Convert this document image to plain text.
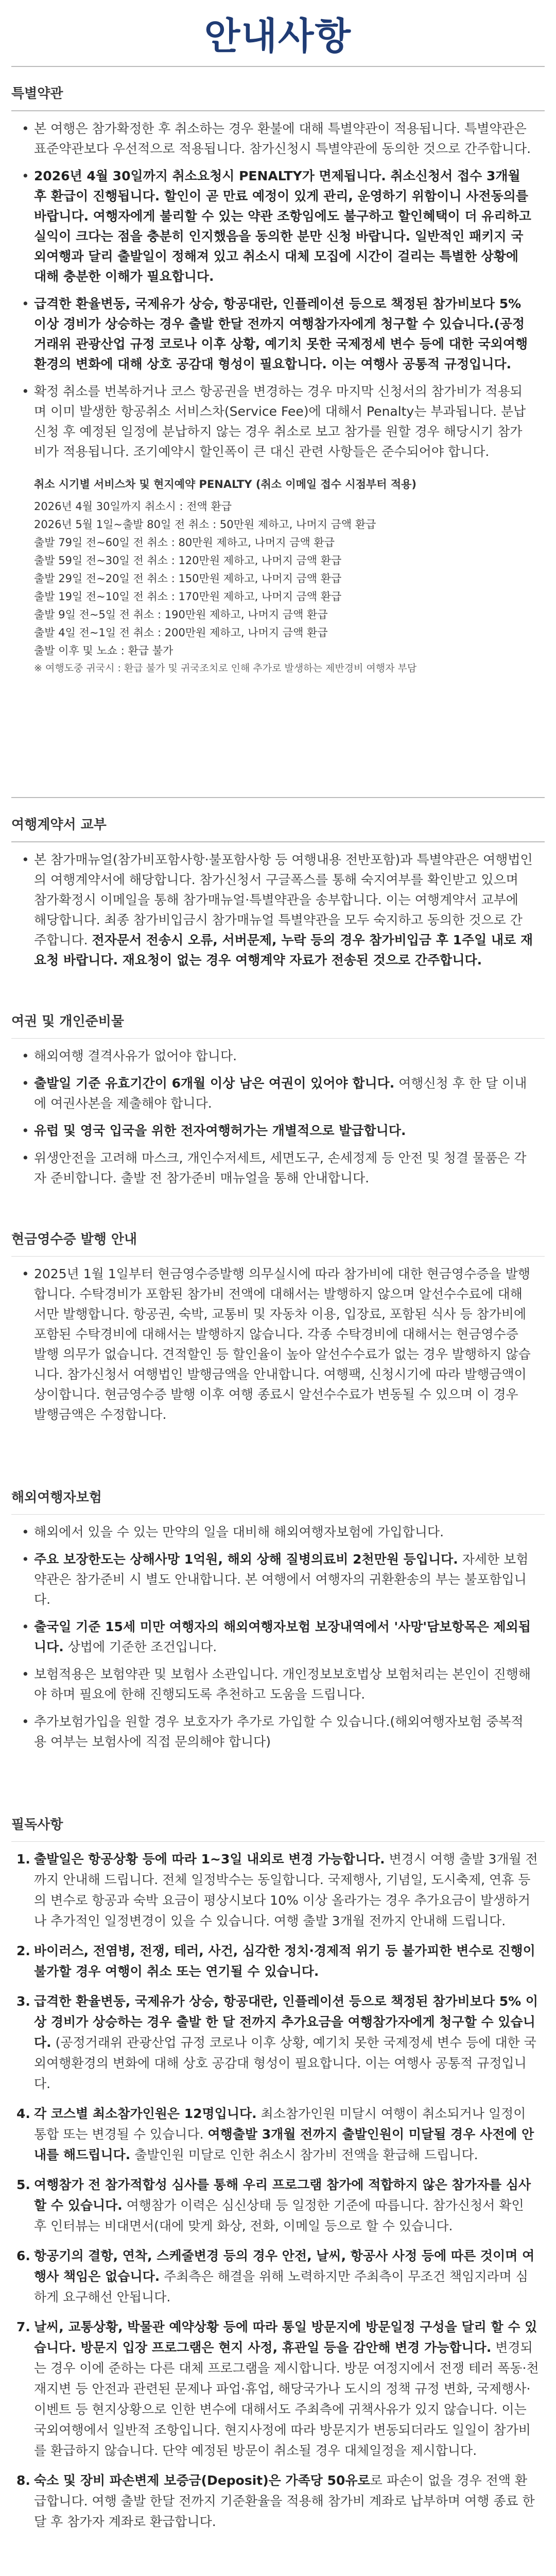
안내사항
특별약관
• 본 여행은 참가확정한 후 취소하는 경우 환불에 대해 특별약관이 적용됩니다. 특별약관은 표준약관보다 우선적으로 적용됩니다. 참가신청시 특별약관에 동의한 것으로 간주합니다.
• 2026년 4월 30일까지 취소요청시 PENALTY가 면제됩니다. 취소신청서 접수 3개월 후 환급이 진행됩니다. 할인이 곧 만료 예정이 있게 관리, 운영하기 위함이니 사전동의를 바랍니다. 여행자에게 불리할 수 있는 약관 조항임에도 불구하고 할인혜택이 더 유리하고 실익이 크다는 점을 충분히 인지했음을 동의한 분만 신청 바랍니다. 일반적인 패키지 국외여행과 달리 출발일이 정해져 있고 취소시 대체 모집에 시간이 걸리는 특별한 상황에 대해 충분한 이해가 필요합니다.
• 급격한 환율변동, 국제유가 상승, 항공대란, 인플레이션 등으로 책정된 참가비보다 5% 이상 경비가 상승하는 경우 출발 한달 전까지 여행참가자에게 청구할 수 있습니다.(공정거래위 관광산업 규정 코로나 이후 상황, 예기치 못한 국제정세 변수 등에 대한 국외여행환경의 변화에 대해 상호 공감대 형성이 필요합니다. 이는 여행사 공통적 규정입니다.
• 확정 취소를 번복하거나 코스 항공권을 변경하는 경우 마지막 신청서의 참가비가 적용되며 이미 발생한 항공취소 서비스차(Service Fee)에 대해서 Penalty는 부과됩니다. 분납신청 후 예정된 일정에 분납하지 않는 경우 취소로 보고 참가를 원할 경우 해당시기 참가비가 적용됩니다. 조기예약시 할인폭이 큰 대신 관련 사항들은 준수되어야 합니다.
취소 시기별 서비스차 및 현지예약 PENALTY (취소 이메일 접수 시점부터 적용)
2026년 4월 30일까지 취소시 : 전액 환급
2026년 5월 1일~출발 80일 전 취소 : 50만원 제하고, 나머지 금액 환급
출발 79일 전~60일 전 취소 : 80만원 제하고, 나머지 금액 환급
출발 59일 전~30일 전 취소 : 120만원 제하고, 나머지 금액 환급
출발 29일 전~20일 전 취소 : 150만원 제하고, 나머지 금액 환급
출발 19일 전~10일 전 취소 : 170만원 제하고, 나머지 금액 환급
출발 9일 전~5일 전 취소 : 190만원 제하고, 나머지 금액 환급
출발 4일 전~1일 전 취소 : 200만원 제하고, 나머지 금액 환급
출발 이후 및 노쇼 : 환급 불가
※ 여행도중 귀국시 : 환급 불가 및 귀국조치로 인해 추가로 발생하는 제반경비 여행자 부담
여행계약서 교부
• 본 참가매뉴얼(참가비포함사항·불포함사항 등 여행내용 전반포함)과 특별약관은 여행법인의 여행계약서에 해당합니다. 참가신청서 구글폭스를 통해 숙지여부를 확인받고 있으며 참가확정시 이메일을 통해 참가매뉴얼·특별약관을 송부합니다. 이는 여행계약서 교부에 해당합니다. 최종 참가비입금시 참가매뉴얼 특별약관을 모두 숙지하고 동의한 것으로 간주합니다. 전자문서 전송시 오류, 서버문제, 누락 등의 경우 참가비입금 후 1주일 내로 재요청 바랍니다. 재요청이 없는 경우 여행계약 자료가 전송된 것으로 간주합니다.
여권 및 개인준비물
• 해외여행 결격사유가 없어야 합니다.
• 출발일 기준 유효기간이 6개월 이상 남은 여권이 있어야 합니다. 여행신청 후 한 달 이내에 여권사본을 제출해야 합니다.
• 유럽 및 영국 입국을 위한 전자여행허가는 개별적으로 발급합니다.
• 위생안전을 고려해 마스크, 개인수저세트, 세면도구, 손세정제 등 안전 및 청결 물품은 각자 준비합니다. 출발 전 참가준비 매뉴얼을 통해 안내합니다.
현금영수증 발행 안내
• 2025년 1월 1일부터 현금영수증발행 의무실시에 따라 참가비에 대한 현금영수증을 발행합니다. 수탁경비가 포함된 참가비 전액에 대해서는 발행하지 않으며 알선수수료에 대해서만 발행합니다. 항공권, 숙박, 교통비 및 자동차 이용, 입장료, 포함된 식사 등 참가비에 포함된 수탁경비에 대해서는 발행하지 않습니다. 각종 수탁경비에 대해서는 현금영수증 발행 의무가 없습니다. 견적할인 등 할인율이 높아 알선수수료가 없는 경우 발행하지 않습니다. 참가신청서 여행법인 발행금액을 안내합니다. 여행팩, 신청시기에 따라 발행금액이 상이합니다. 현금영수증 발행 이후 여행 종료시 알선수수료가 변동될 수 있으며 이 경우 발행금액은 수정합니다.
해외여행자보험
• 해외에서 있을 수 있는 만약의 일을 대비해 해외여행자보험에 가입합니다.
• 주요 보장한도는 상해사망 1억원, 해외 상해 질병의료비 2천만원 등입니다. 자세한 보험약관은 참가준비 시 별도 안내합니다. 본 여행에서 여행자의 귀환환송의 부는 불포함입니다.
• 출국일 기준 15세 미만 여행자의 해외여행자보험 보장내역에서 '사망'담보항목은 제외됩니다. 상법에 기준한 조건입니다.
• 보험적용은 보험약관 및 보험사 소관입니다. 개인정보보호법상 보험처리는 본인이 진행해야 하며 필요에 한해 진행되도록 추천하고 도움을 드립니다.
• 추가보험가입을 원할 경우 보호자가 추가로 가입할 수 있습니다.(해외여행자보험 중복적용 여부는 보험사에 직접 문의해야 합니다)
필독사항
1. 출발일은 항공상황 등에 따라 1~3일 내외로 변경 가능합니다. 변경시 여행 출발 3개월 전까지 안내해 드립니다. 전체 일정박수는 동일합니다. 국제행사, 기념일, 도시축제, 연휴 등의 변수로 항공과 숙박 요금이 평상시보다 10% 이상 올라가는 경우 추가요금이 발생하거나 추가적인 일정변경이 있을 수 있습니다. 여행 출발 3개월 전까지 안내해 드립니다.
2. 바이러스, 전염병, 전쟁, 테러, 사건, 심각한 정치·경제적 위기 등 불가피한 변수로 진행이 불가할 경우 여행이 취소 또는 연기될 수 있습니다.
3. 급격한 환율변동, 국제유가 상승, 항공대란, 인플레이션 등으로 책정된 참가비보다 5% 이상 경비가 상승하는 경우 출발 한 달 전까지 추가요금을 여행참가자에게 청구할 수 있습니다. (공정거래위 관광산업 규정 코로나 이후 상황, 예기치 못한 국제정세 변수 등에 대한 국외여행환경의 변화에 대해 상호 공감대 형성이 필요합니다. 이는 여행사 공통적 규정입니다.
4. 각 코스별 최소참가인원은 12명입니다. 최소참가인원 미달시 여행이 취소되거나 일정이 통합 또는 변경될 수 있습니다. 여행출발 3개월 전까지 출발인원이 미달될 경우 사전에 안내를 해드립니다. 출발인원 미달로 인한 취소시 참가비 전액을 환급해 드립니다.
5. 여행참가 전 참가적합성 심사를 통해 우리 프로그램 참가에 적합하지 않은 참가자를 심사할 수 있습니다. 여행참가 이력은 심신상태 등 일정한 기준에 따릅니다. 참가신청서 확인 후 인터뷰는 비대면서(대에 맞게 화상, 전화, 이메일 등으로 할 수 있습니다.
6. 항공기의 결항, 연착, 스케줄변경 등의 경우 안전, 날씨, 항공사 사정 등에 따른 것이며 여행사 책임은 없습니다. 주최측은 해결을 위해 노력하지만 주최측이 무조건 책임지라며 심하게 요구해선 안됩니다.
7. 날씨, 교통상황, 박물관 예약상황 등에 따라 통일 방문지에 방문일정 구성을 달리 할 수 있습니다. 방문지 입장 프로그램은 현지 사정, 휴관일 등을 감안해 변경 가능합니다. 변경되는 경우 이에 준하는 다른 대체 프로그램을 제시합니다. 방문 여정지에서 전쟁 테러 폭동·천재지변 등 안전과 관련된 문제나 파업·휴업, 해당국가나 도시의 정책 규정 변화, 국제행사·이벤트 등 현지상황으로 인한 변수에 대해서도 주최측에 귀책사유가 있지 않습니다. 이는 국외여행에서 일반적 조항입니다. 현지사정에 따라 방문지가 변동되더라도 일일이 참가비를 환급하지 않습니다. 단약 예정된 방문이 취소될 경우 대체일정을 제시합니다.
8. 숙소 및 장비 파손변제 보증금(Deposit)은 가족당 50유로로 파손이 없을 경우 전액 환급합니다. 여행 출발 한달 전까지 기준환율을 적용해 참가비 계좌로 납부하며 여행 종료 한달 후 참가자 계좌로 환급합니다.
